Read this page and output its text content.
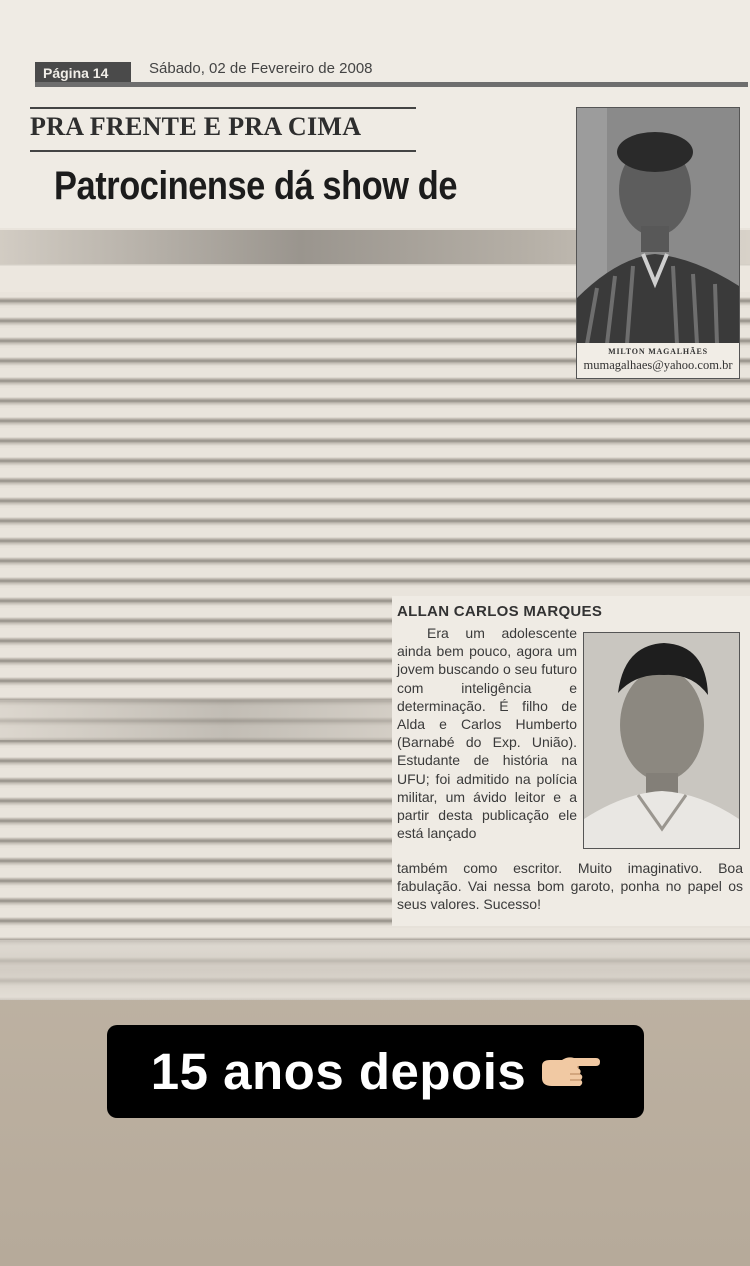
Página 14	Sábado, 02 de Fevereiro de 2008
PRA FRENTE E PRA CIMA
Patrocinense dá show de
MILTON MAGALHÃES
mumagalhaes@yahoo.com.br
ALLAN CARLOS MARQUES
Era um adolescente ainda bem pouco, agora um jovem buscando o seu futuro com inteligência e determinação. É filho de Alda e Carlos Humberto (Barnabé do Exp. União). Estudante de história na UFU; foi admitido na polícia militar, um ávido leitor e a partir desta publicação ele está lançado
também como escritor. Muito imaginativo. Boa fabulação. Vai nessa bom garoto, ponha no papel os seus valores. Sucesso!
15 anos depois
